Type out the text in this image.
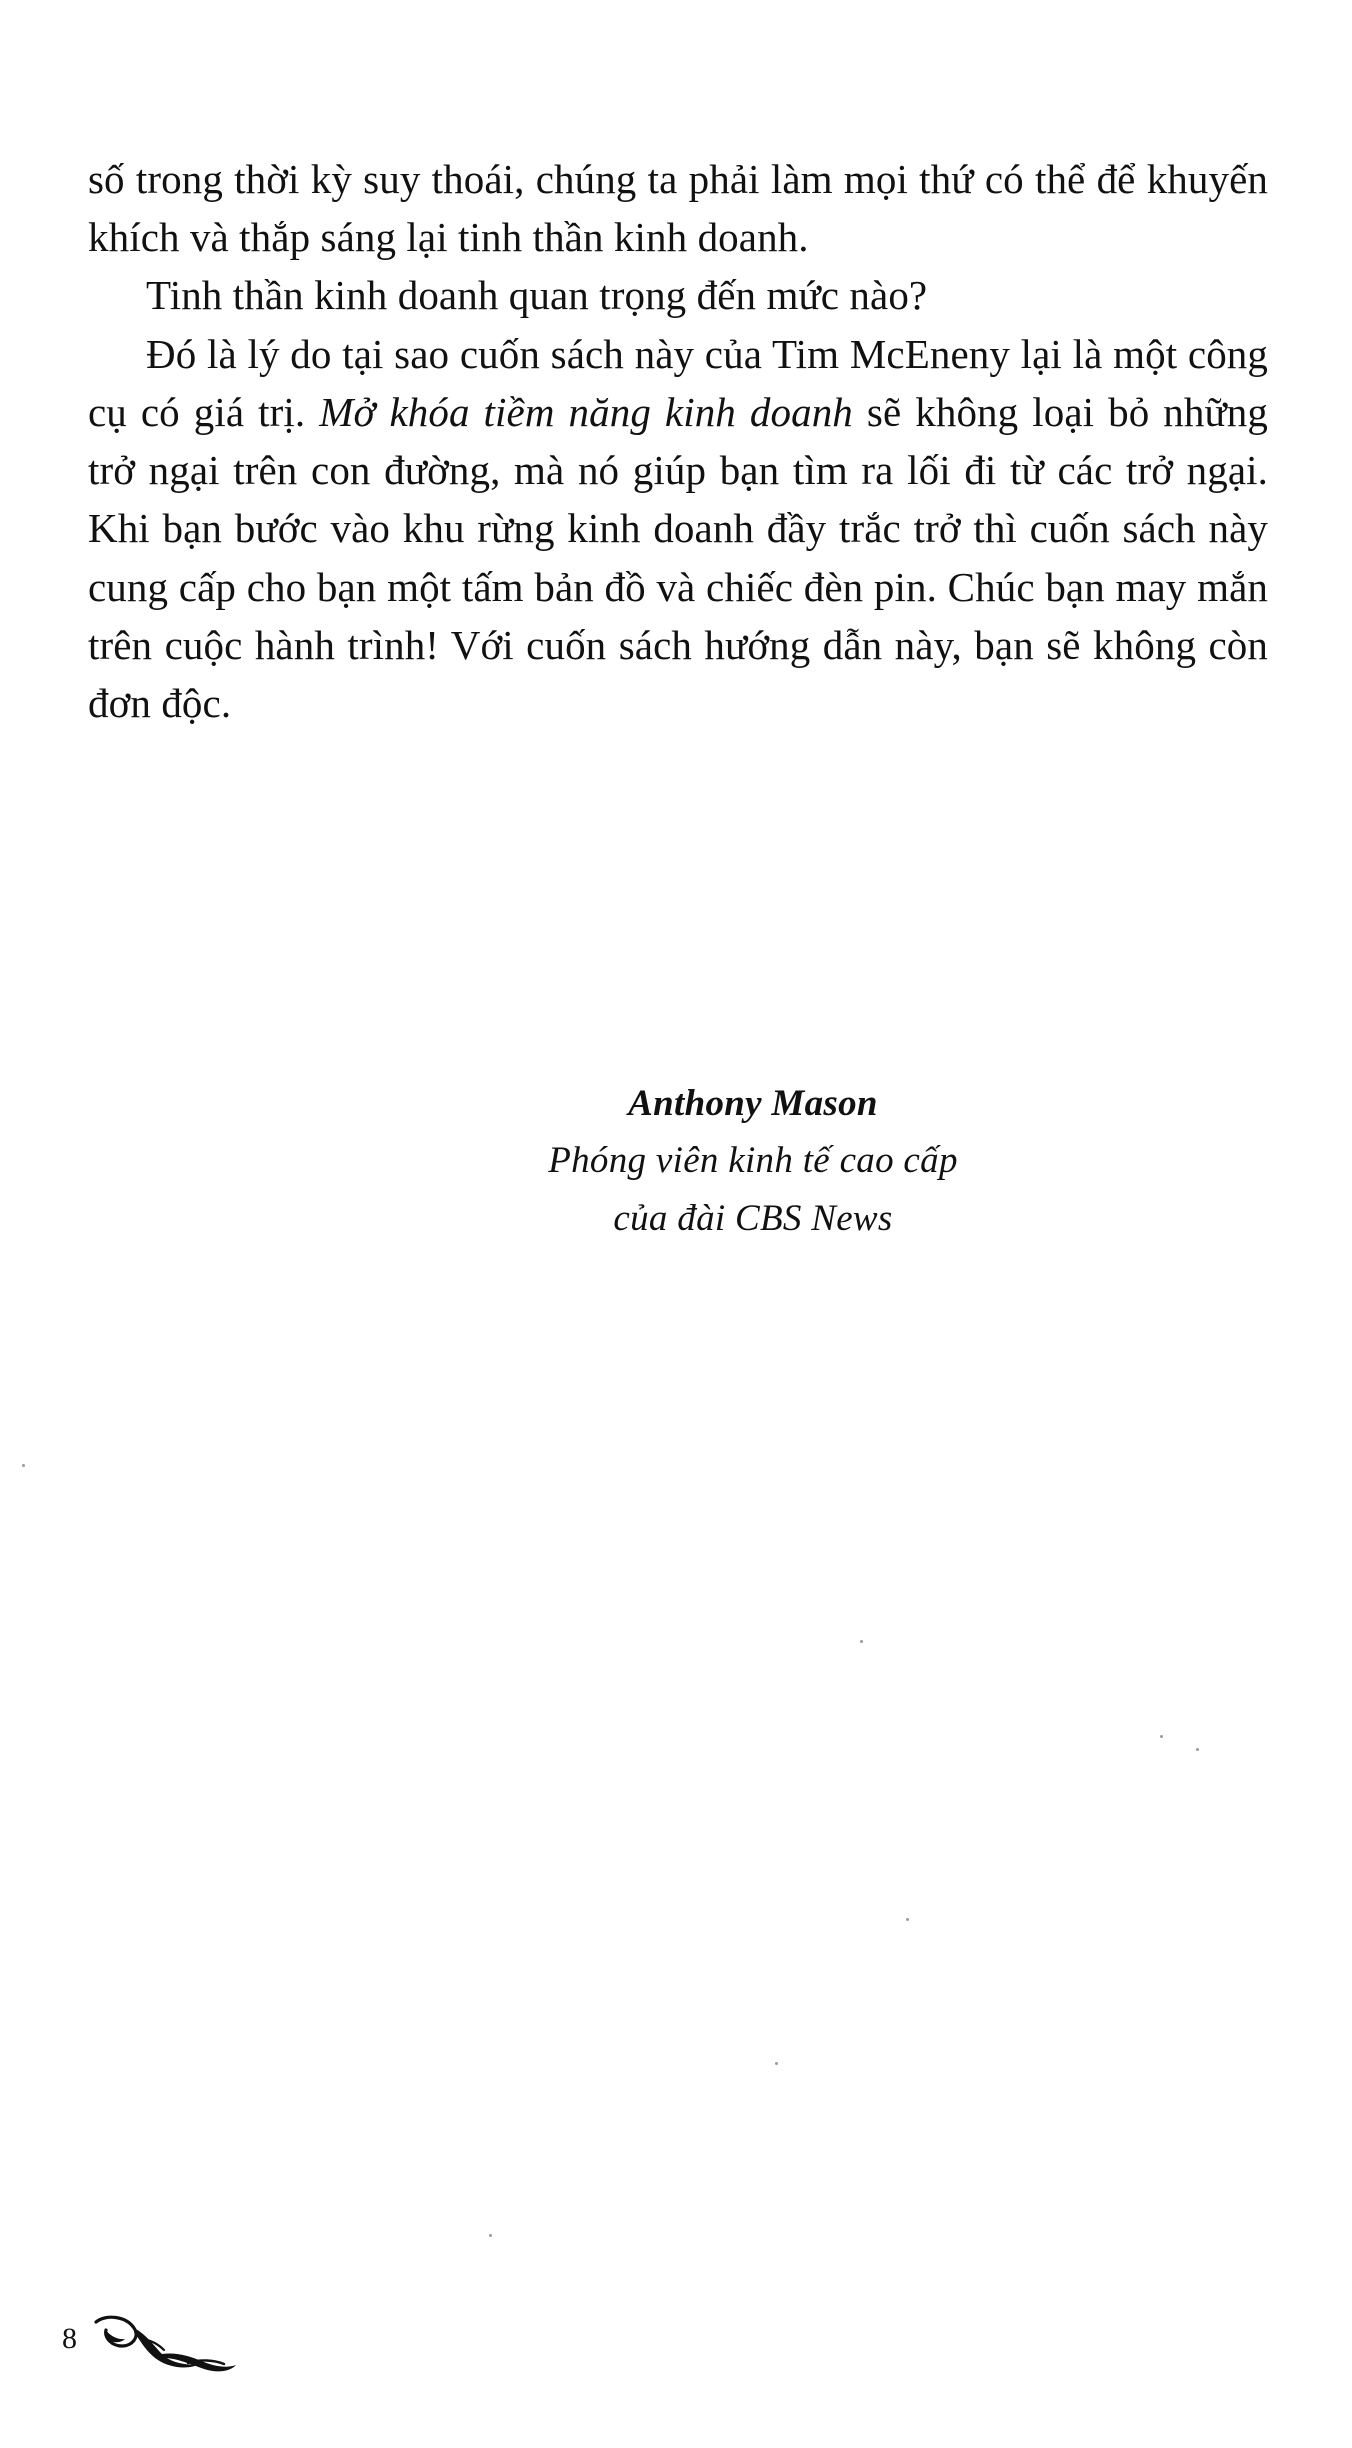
số trong thời kỳ suy thoái, chúng ta phải làm mọi thứ có thể để khuyến khích và thắp sáng lại tinh thần kinh doanh.

Tinh thần kinh doanh quan trọng đến mức nào?

Đó là lý do tại sao cuốn sách này của Tim McEneny lại là một công cụ có giá trị. Mở khóa tiềm năng kinh doanh sẽ không loại bỏ những trở ngại trên con đường, mà nó giúp bạn tìm ra lối đi từ các trở ngại. Khi bạn bước vào khu rừng kinh doanh đầy trắc trở thì cuốn sách này cung cấp cho bạn một tấm bản đồ và chiếc đèn pin. Chúc bạn may mắn trên cuộc hành trình! Với cuốn sách hướng dẫn này, bạn sẽ không còn đơn độc.

Anthony Mason
Phóng viên kinh tế cao cấp
của đài CBS News
8
